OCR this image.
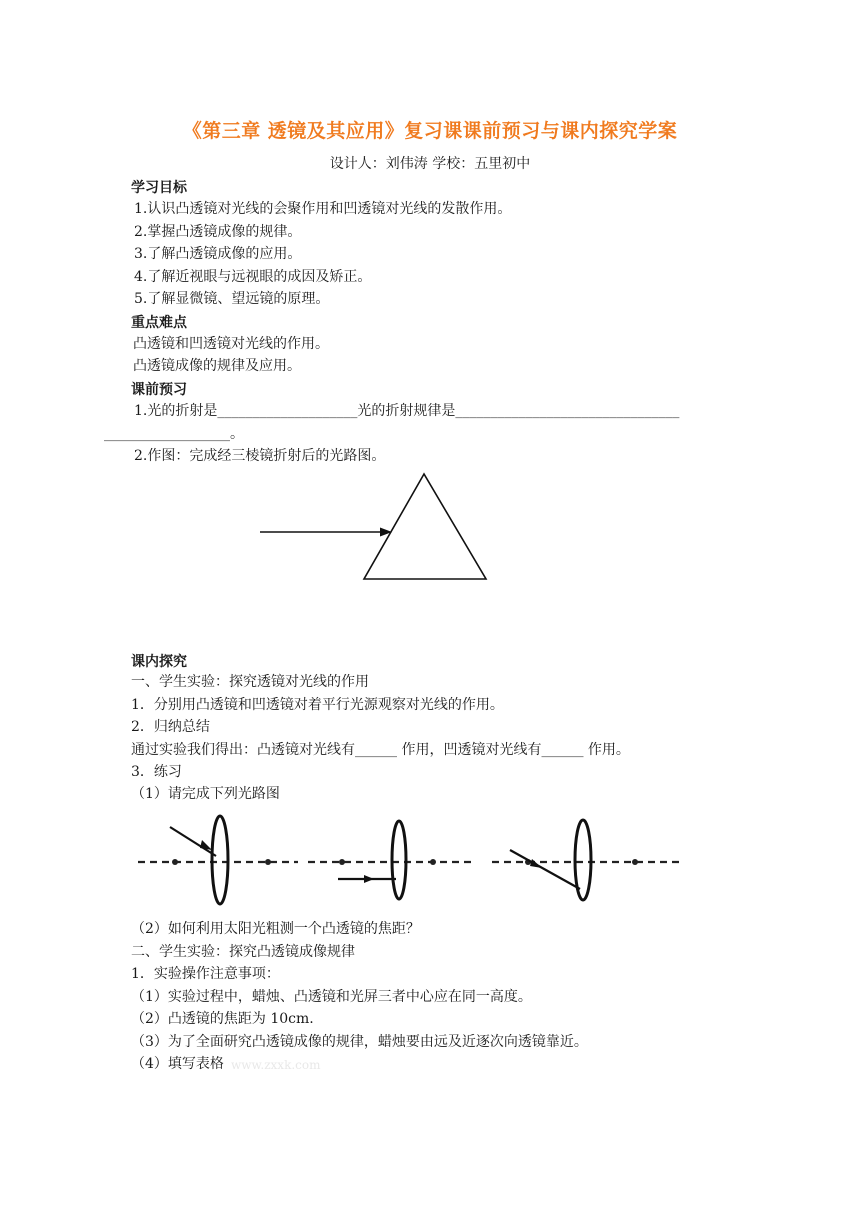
《第三章 透镜及其应用》复习课课前预习与课内探究学案
设计人：刘伟涛 学校：五里初中
学习目标
1.认识凸透镜对光线的会聚作用和凹透镜对光线的发散作用。
2.掌握凸透镜成像的规律。
3.了解凸透镜成像的应用。
4.了解近视眼与远视眼的成因及矫正。
5.了解显微镜、望远镜的原理。
重点难点
凸透镜和凹透镜对光线的作用。
凸透镜成像的规律及应用。
课前预习
1.光的折射是____________________光的折射规律是________________________________
__________________。
2.作图：完成经三棱镜折射后的光路图。
课内探究
一、学生实验：探究透镜对光线的作用
1．分别用凸透镜和凹透镜对着平行光源观察对光线的作用。
2．归纳总结
通过实验我们得出：凸透镜对光线有______ 作用，凹透镜对光线有______ 作用。
3．练习
（1）请完成下列光路图
（2）如何利用太阳光粗测一个凸透镜的焦距？
二、学生实验：探究凸透镜成像规律
1．实验操作注意事项：
（1）实验过程中，蜡烛、凸透镜和光屏三者中心应在同一高度。
（2）凸透镜的焦距为 10cm.
（3）为了全面研究凸透镜成像的规律，蜡烛要由远及近逐次向透镜靠近。
（4）填写表格 www.zxxk.com
